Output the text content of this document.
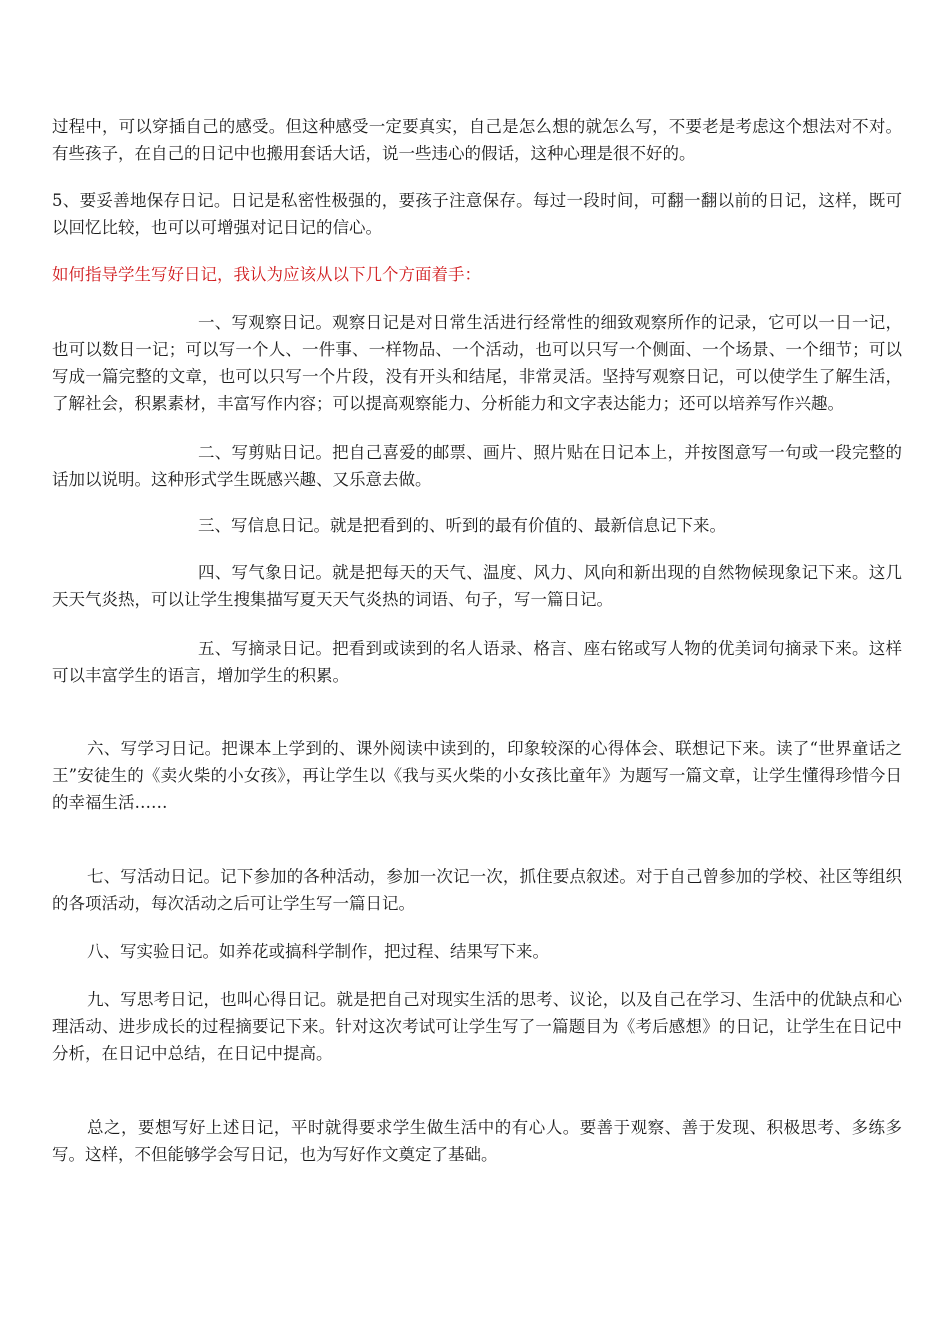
过程中，可以穿插自己的感受。但这种感受一定要真实，自己是怎么想的就怎么写，不要老是考虑这个想法对不对。有些孩子，在自己的日记中也搬用套话大话，说一些违心的假话，这种心理是很不好的。

5、要妥善地保存日记。日记是私密性极强的，要孩子注意保存。每过一段时间，可翻一翻以前的日记，这样，既可以回忆比较，也可以可增强对记日记的信心。

如何指导学生写好日记，我认为应该从以下几个方面着手：

一、写观察日记。观察日记是对日常生活进行经常性的细致观察所作的记录，它可以一日一记，也可以数日一记；可以写一个人、一件事、一样物品、一个活动，也可以只写一个侧面、一个场景、一个细节；可以写成一篇完整的文章，也可以只写一个片段，没有开头和结尾，非常灵活。坚持写观察日记，可以使学生了解生活，了解社会，积累素材，丰富写作内容；可以提高观察能力、分析能力和文字表达能力；还可以培养写作兴趣。

二、写剪贴日记。把自己喜爱的邮票、画片、照片贴在日记本上，并按图意写一句或一段完整的话加以说明。这种形式学生既感兴趣、又乐意去做。

三、写信息日记。就是把看到的、听到的最有价值的、最新信息记下来。

四、写气象日记。就是把每天的天气、温度、风力、风向和新出现的自然物候现象记下来。这几天天气炎热，可以让学生搜集描写夏天天气炎热的词语、句子，写一篇日记。

五、写摘录日记。把看到或读到的名人语录、格言、座右铭或写人物的优美词句摘录下来。这样可以丰富学生的语言，增加学生的积累。

六、写学习日记。把课本上学到的、课外阅读中读到的，印象较深的心得体会、联想记下来。读了“世界童话之王”安徒生的《卖火柴的小女孩》，再让学生以《我与买火柴的小女孩比童年》为题写一篇文章，让学生懂得珍惜今日的幸福生活……

七、写活动日记。记下参加的各种活动，参加一次记一次，抓住要点叙述。对于自己曾参加的学校、社区等组织的各项活动，每次活动之后可让学生写一篇日记。

八、写实验日记。如养花或搞科学制作，把过程、结果写下来。

九、写思考日记，也叫心得日记。就是把自己对现实生活的思考、议论，以及自己在学习、生活中的优缺点和心理活动、进步成长的过程摘要记下来。针对这次考试可让学生写了一篇题目为《考后感想》的日记，让学生在日记中分析，在日记中总结，在日记中提高。

总之，要想写好上述日记，平时就得要求学生做生活中的有心人。要善于观察、善于发现、积极思考、多练多写。这样，不但能够学会写日记，也为写好作文奠定了基础。
